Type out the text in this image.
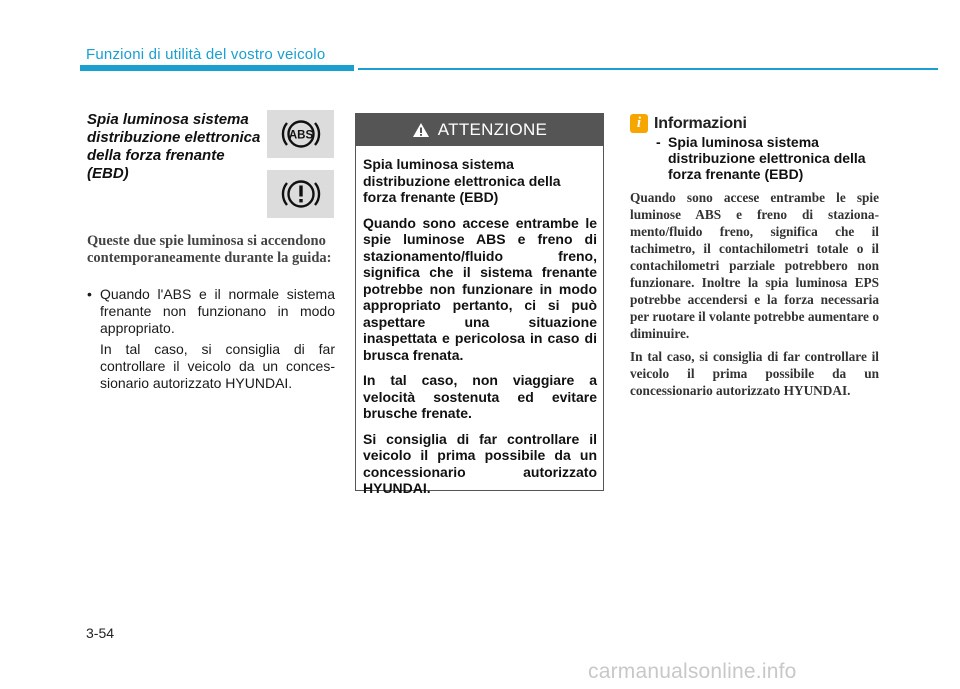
Funzioni di utilità del vostro veicolo
Spia luminosa sistema distribuzione elettronica della forza frenante (EBD)
ABS
Queste due spie luminosa si accendono contemporaneamente durante la guida:
• Quando l'ABS e il normale sistema frenante non funzionano in modo appropriato.
In tal caso, si consiglia di far controllare il veicolo da un conces-sionario autorizzato HYUNDAI.
ATTENZIONE

Spia luminosa sistema distribuzione elettronica della forza frenante (EBD)

Quando sono accese entrambe le spie luminose ABS e freno di stazionamento/fluido freno, significa che il sistema frenante potrebbe non funzionare in modo appropriato pertanto, ci si può aspettare una situazione inaspettata e pericolosa in caso di brusca frenata.

In tal caso, non viaggiare a velocità sostenuta ed evitare brusche frenate.

Si consiglia di far controllare il veicolo il prima possibile da un concessionario autorizzato HYUNDAI.

i Informazioni
- Spia luminosa sistema distribuzione elettronica della forza frenante (EBD)

Quando sono accese entrambe le spie luminose ABS e freno di staziona-mento/fluido freno, significa che il tachimetro, il contachilometri totale o il contachilometri parziale potrebbero non funzionare. Inoltre la spia luminosa EPS potrebbe accendersi e la forza necessaria per ruotare il volante potrebbe aumentare o diminuire.

In tal caso, si consiglia di far controllare il veicolo il prima possibile da un concessionario autorizzato HYUNDAI.

3-54
carmanualsonline.info
